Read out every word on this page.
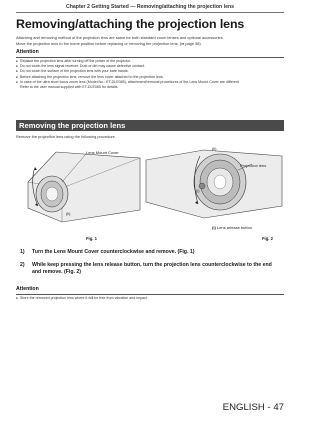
Chapter 2 Getting Started — Removing/attaching the projection lens
Removing/attaching the projection lens
Attaching and removing method of the projection lens are same for both standard zoom lenses and optional accessories.
Move the projection lens to the home position before replacing or removing the projection lens. (➡ page 58)
Attention
■ Replace the projection lens after turning off the power of the projector.
■ Do not touch the lens signal receiver. Dust or dirt may cause defective contact.
■ Do not touch the surface of the projection lens with your bare hands.
■ Before attaching the projection lens, remove the lens cover attached to the projection lens.
■ In case of the ultra short focus zoom lens (Model No.: ET-DLE085), attachment/removal procedures of the Lens Mount Cover are different.
Refer to the user manual supplied with ET-DLE085 for details.
Removing the projection lens
Remove the projection lens using the following procedure.
Lens Mount Cover
(ii)
Fig. 1
Projection lens
(ii)
(i)
(i) Lens release button
Fig. 2
1)	Turn the Lens Mount Cover counterclockwise and remove. (Fig. 1)
2)	While keep pressing the lens release button, turn the projection lens counterclockwise to the end and remove. (Fig. 2)
Attention
■ Store the removed projection lens where it will be free from vibration and impact.
ENGLISH - 47
